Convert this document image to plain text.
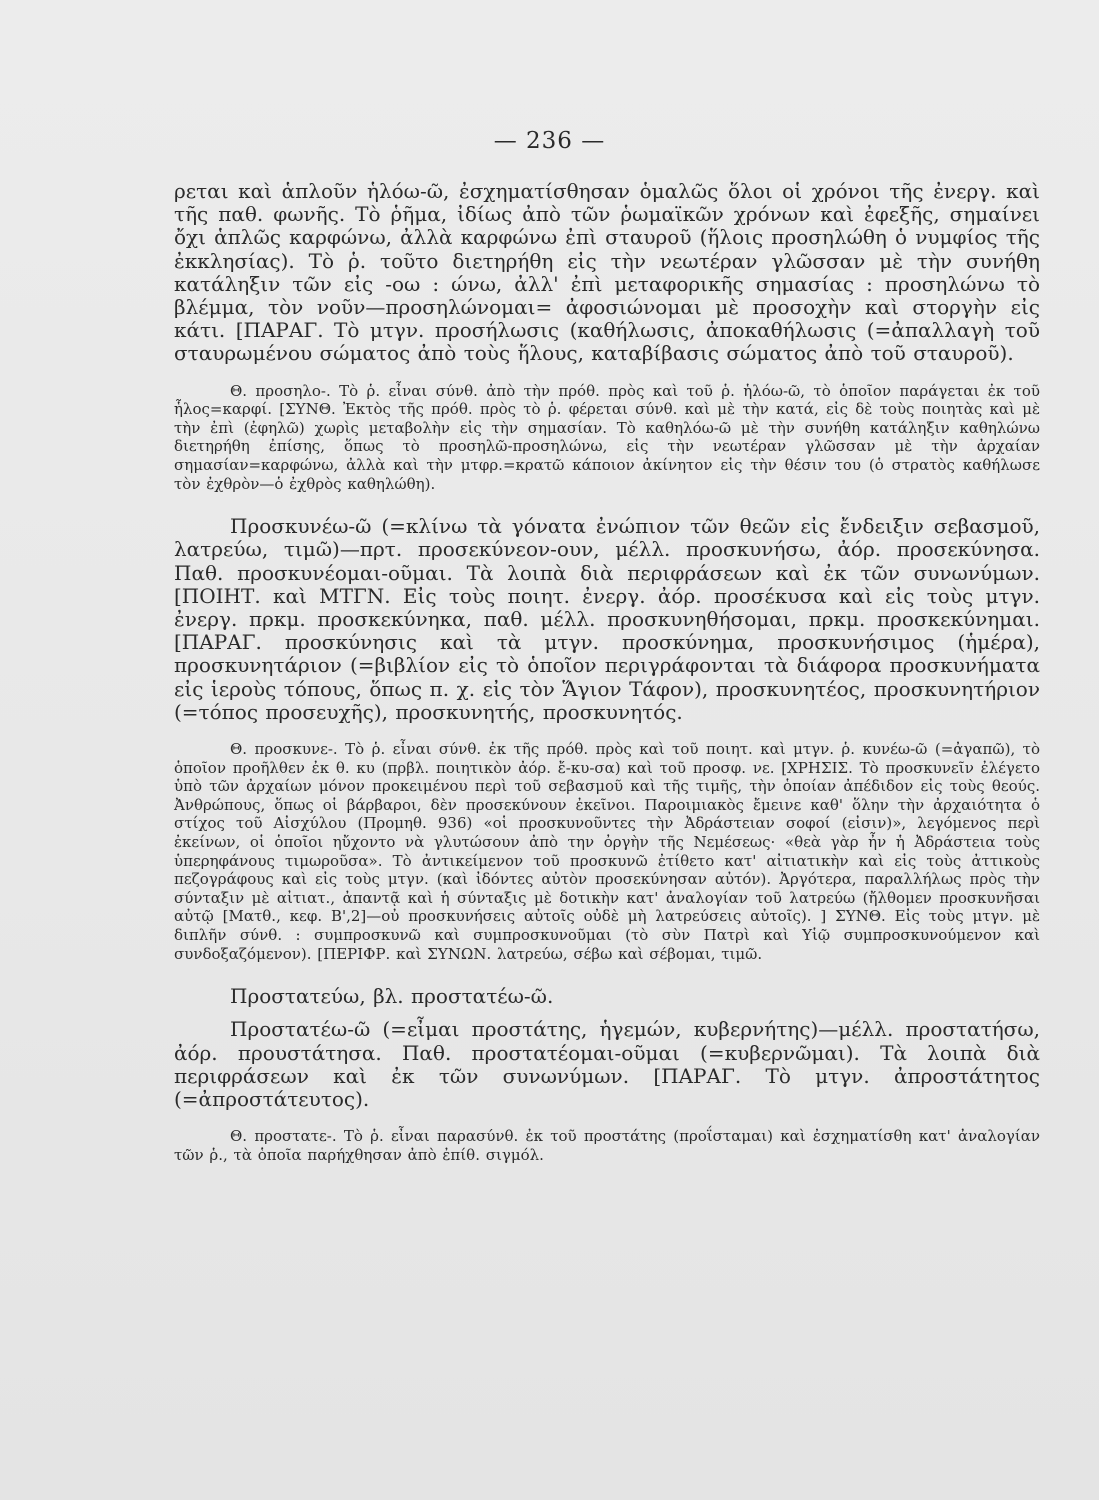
— 236 —

ρεται καὶ ἁπλοῦν ἡλόω-ῶ, ἐσχηματίσθησαν ὁμαλῶς ὅλοι οἱ χρόνοι τῆς ἐνεργ. καὶ τῆς παθ. φωνῆς. Τὸ ῥῆμα, ἰδίως ἀπὸ τῶν ῥωμαϊκῶν χρόνων καὶ ἐφεξῆς, σημαίνει ὄχι ἁπλῶς καρφώνω, ἀλλὰ καρφώνω ἐπὶ σταυροῦ (ἥλοις προσηλώθη ὁ νυμφίος τῆς ἐκκλησίας). Τὸ ῥ. τοῦτο διετηρήθη εἰς τὴν νεωτέραν γλῶσσαν μὲ τὴν συνήθη κατάληξιν τῶν εἰς -οω : ώνω, ἀλλ' ἐπὶ μεταφορικῆς σημασίας : προσηλώνω τὸ βλέμμα, τὸν νοῦν—προσηλώνομαι= ἀφοσιώνομαι μὲ προσοχὴν καὶ στοργὴν εἰς κάτι. [ΠΑΡΑΓ. Τὸ μτγν. προσήλωσις (καθήλωσις, ἀποκαθήλωσις (=ἀπαλλαγὴ τοῦ σταυρωμένου σώματος ἀπὸ τοὺς ἥλους, καταβίβασις σώματος ἀπὸ τοῦ σταυροῦ).

Θ. προσηλο-. Τὸ ῥ. εἶναι σύνθ. ἀπὸ τὴν πρόθ. πρὸς καὶ τοῦ ῥ. ἡλόω-ῶ, τὸ ὁποῖον παράγεται ἐκ τοῦ ἧλος=καρφί. [ΣΥΝΘ. Ἐκτὸς τῆς πρόθ. πρὸς τὸ ῥ. φέρεται σύνθ. καὶ μὲ τὴν κατά, εἰς δὲ τοὺς ποιητὰς καὶ μὲ τὴν ἐπὶ (ἐφηλῶ) χωρὶς μεταβολὴν εἰς τὴν σημασίαν. Τὸ καθηλόω-ῶ μὲ τὴν συνήθη κατάληξιν καθηλώνω διετηρήθη ἐπίσης, ὅπως τὸ προσηλῶ-προσηλώνω, εἰς τὴν νεωτέραν γλῶσσαν μὲ τὴν ἀρχαίαν σημασίαν=καρφώνω, ἀλλὰ καὶ τὴν μτφρ.=κρατῶ κάποιον ἀκίνητον εἰς τὴν θέσιν του (ὁ στρατὸς καθήλωσε τὸν ἐχθρὸν—ὁ ἐχθρὸς καθηλώθη).

Προσκυνέω-ῶ (=κλίνω τὰ γόνατα ἐνώπιον τῶν θεῶν εἰς ἔνδειξιν σεβασμοῦ, λατρεύω, τιμῶ)—πρτ. προσεκύνεον-ουν, μέλλ. προσκυνήσω, ἀόρ. προσεκύνησα. Παθ. προσκυνέομαι-οῦμαι. Τὰ λοιπὰ διὰ περιφράσεων καὶ ἐκ τῶν συνωνύμων. [ΠΟΙΗΤ. καὶ ΜΤΓΝ. Εἰς τοὺς ποιητ. ἐνεργ. ἀόρ. προσέκυσα καὶ εἰς τοὺς μτγν. ἐνεργ. πρκμ. προσκεκύνηκα, παθ. μέλλ. προσκυνηθήσομαι, πρκμ. προσκεκύνημαι. [ΠΑΡΑΓ. προσκύνησις καὶ τὰ μτγν. προσκύνημα, προσκυνήσιμος (ἡμέρα), προσκυνητάριον (=βιβλίον εἰς τὸ ὁποῖον περιγράφονται τὰ διάφορα προσκυνήματα εἰς ἱεροὺς τόπους, ὅπως π. χ. εἰς τὸν Ἅγιον Τάφον), προσκυνητέος, προσκυνητήριον (=τόπος προσευχῆς), προσκυνητής, προσκυνητός.

Θ. προσκυνε-. Τὸ ῥ. εἶναι σύνθ. ἐκ τῆς πρόθ. πρὸς καὶ τοῦ ποιητ. καὶ μτγν. ῥ. κυνέω-ῶ (=ἀγαπῶ), τὸ ὁποῖον προῆλθεν ἐκ θ. κυ (πρβλ. ποιητικὸν ἀόρ. ἔ-κυ-σα) καὶ τοῦ προσφ. νε. [ΧΡΗΣΙΣ. Τὸ προσκυνεῖν ἐλέγετο ὑπὸ τῶν ἀρχαίων μόνον προκειμένου περὶ τοῦ σεβασμοῦ καὶ τῆς τιμῆς, τὴν ὁποίαν ἀπέδιδον εἰς τοὺς θεούς. Ἀνθρώπους, ὅπως οἱ βάρβαροι, δὲν προσεκύνουν ἐκεῖνοι. Παροιμιακὸς ἔμεινε καθ' ὅλην τὴν ἀρχαιότητα ὁ στίχος τοῦ Αἰσχύλου (Προμηθ. 936) «οἱ προσκυνοῦντες τὴν Ἀδράστειαν σοφοί (εἰσιν)», λεγόμενος περὶ ἐκείνων, οἱ ὁποῖοι ηὔχοντο νὰ γλυτώσουν ἀπὸ την ὀργὴν τῆς Νεμέσεως· «θεὰ γὰρ ἦν ἡ Ἀδράστεια τοὺς ὑπερηφάνους τιμωροῦσα». Τὸ ἀντικείμενον τοῦ προσκυνῶ ἐτίθετο κατ' αἰτιατικὴν καὶ εἰς τοὺς ἀττικοὺς πεζογράφους καὶ εἰς τοὺς μτγν. (καὶ ἰδόντες αὐτὸν προσεκύνησαν αὐτόν). Ἀργότερα, παραλλήλως πρὸς τὴν σύνταξιν μὲ αἰτιατ., ἀπαντᾷ καὶ ἡ σύνταξις μὲ δοτικὴν κατ' ἀναλογίαν τοῦ λατρεύω (ἤλθομεν προσκυνῆσαι αὐτῷ [Ματθ., κεφ. Β',2]—οὐ προσκυνήσεις αὐτοῖς οὐδὲ μὴ λατρεύσεις αὐτοῖς). ] ΣΥΝΘ. Εἰς τοὺς μτγν. μὲ διπλῆν σύνθ. : συμπροσκυνῶ καὶ συμπροσκυνοῦμαι (τὸ σὺν Πατρὶ καὶ Υἱῷ συμπροσκυνούμενον καὶ συνδοξαζόμενον). [ΠΕΡΙΦΡ. καὶ ΣΥΝΩΝ. λατρεύω, σέβω καὶ σέβομαι, τιμῶ.

Προστατεύω, βλ. προστατέω-ῶ.

Προστατέω-ῶ (=εἶμαι προστάτης, ἡγεμών, κυβερνήτης)—μέλλ. προστατήσω, ἀόρ. προυστάτησα. Παθ. προστατέομαι-οῦμαι (=κυβερνῶμαι). Τὰ λοιπὰ διὰ περιφράσεων καὶ ἐκ τῶν συνωνύμων. [ΠΑΡΑΓ. Τὸ μτγν. ἀπροστάτητος (=ἀπροστάτευτος).

Θ. προστατε-. Τὸ ῥ. εἶναι παρασύνθ. ἐκ τοῦ προστάτης (προΐσταμαι) καὶ ἐσχηματίσθη κατ' ἀναλογίαν τῶν ῥ., τὰ ὁποῖα παρήχθησαν ἀπὸ ἐπίθ. σιγμόλ.
